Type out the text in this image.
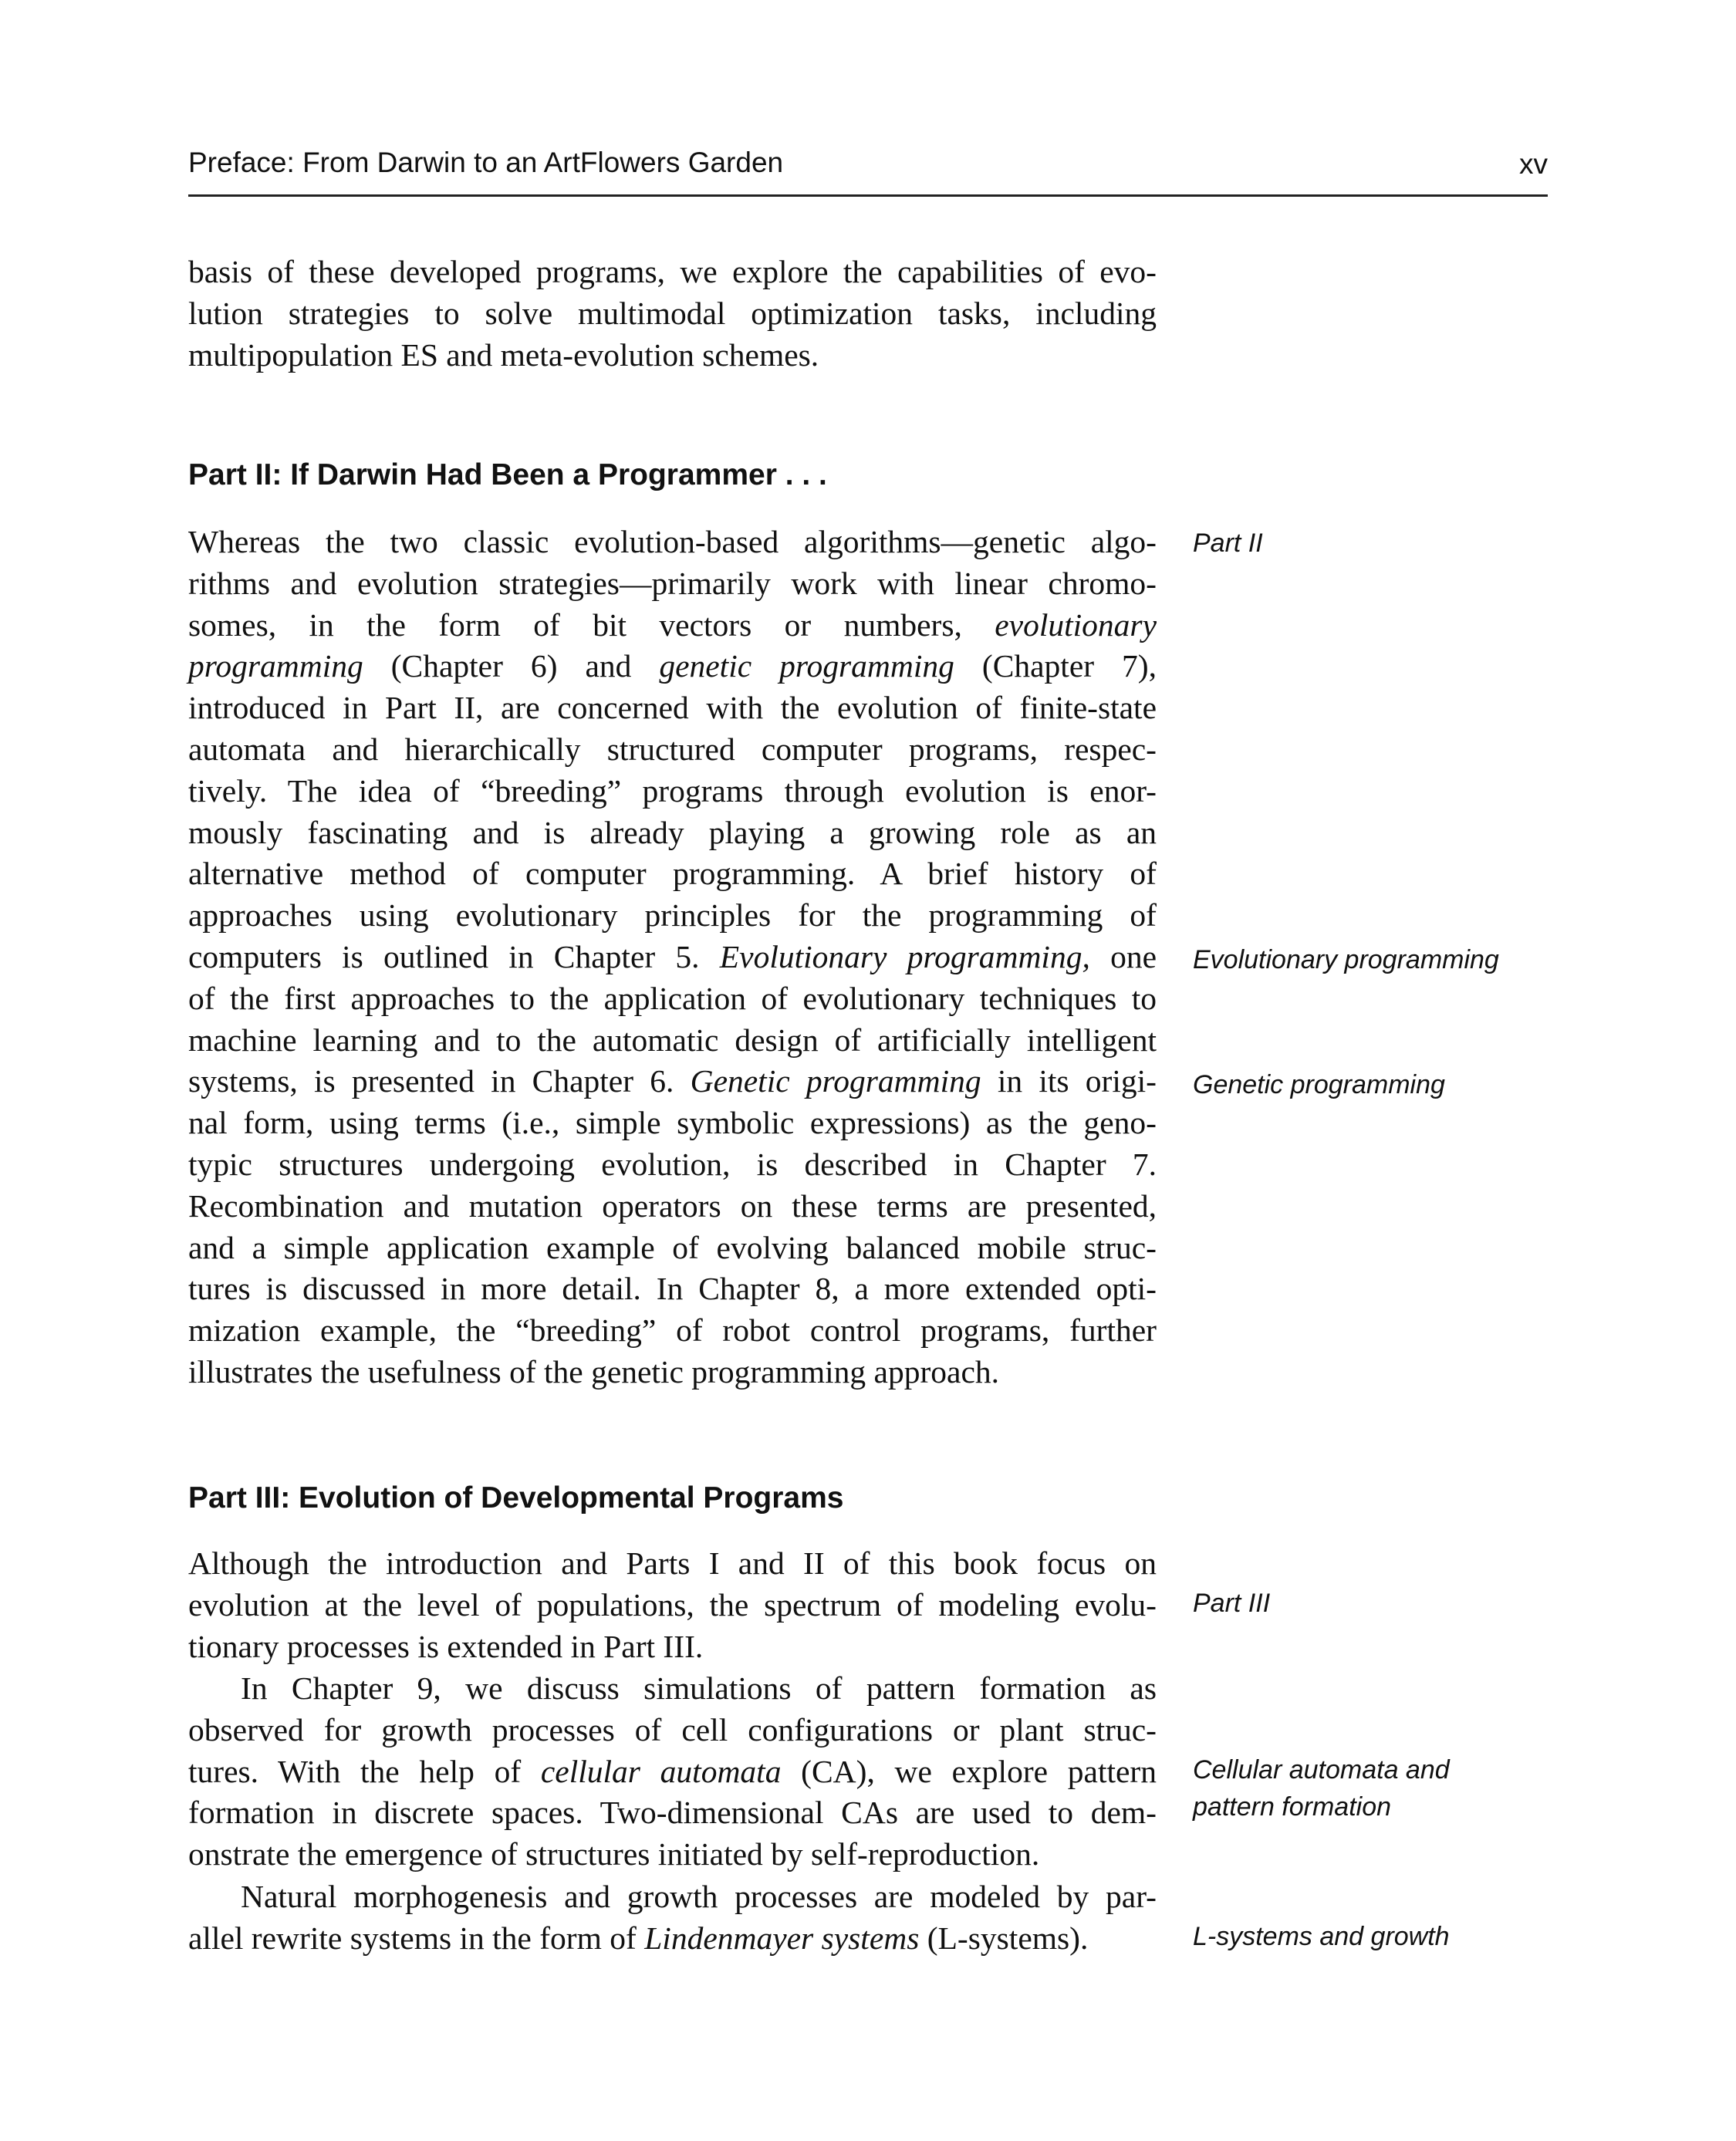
Preface: From Darwin to an ArtFlowers Garden	xv
basis of these developed programs, we explore the capabilities of evo-
lution strategies to solve multimodal optimization tasks, including
multipopulation ES and meta-evolution schemes.
Part II: If Darwin Had Been a Programmer . . .
Whereas the two classic evolution-based algorithms—genetic algo-
rithms and evolution strategies—primarily work with linear chromo-
somes, in the form of bit vectors or numbers, evolutionary
programming (Chapter 6) and genetic programming (Chapter 7),
introduced in Part II, are concerned with the evolution of finite-state
automata and hierarchically structured computer programs, respec-
tively. The idea of “breeding” programs through evolution is enor-
mously fascinating and is already playing a growing role as an
alternative method of computer programming. A brief history of
approaches using evolutionary principles for the programming of
computers is outlined in Chapter 5. Evolutionary programming, one
of the first approaches to the application of evolutionary techniques to
machine learning and to the automatic design of artificially intelligent
systems, is presented in Chapter 6. Genetic programming in its origi-
nal form, using terms (i.e., simple symbolic expressions) as the geno-
typic structures undergoing evolution, is described in Chapter 7.
Recombination and mutation operators on these terms are presented,
and a simple application example of evolving balanced mobile struc-
tures is discussed in more detail. In Chapter 8, a more extended opti-
mization example, the “breeding” of robot control programs, further
illustrates the usefulness of the genetic programming approach.
Part II
Evolutionary programming
Genetic programming
Part III: Evolution of Developmental Programs
Although the introduction and Parts I and II of this book focus on
evolution at the level of populations, the spectrum of modeling evolu-
tionary processes is extended in Part III.
In Chapter 9, we discuss simulations of pattern formation as
observed for growth processes of cell configurations or plant struc-
tures. With the help of cellular automata (CA), we explore pattern
formation in discrete spaces. Two-dimensional CAs are used to dem-
onstrate the emergence of structures initiated by self-reproduction.
Natural morphogenesis and growth processes are modeled by par-
allel rewrite systems in the form of Lindenmayer systems (L-systems).
Part III
Cellular automata and
pattern formation
L-systems and growth
